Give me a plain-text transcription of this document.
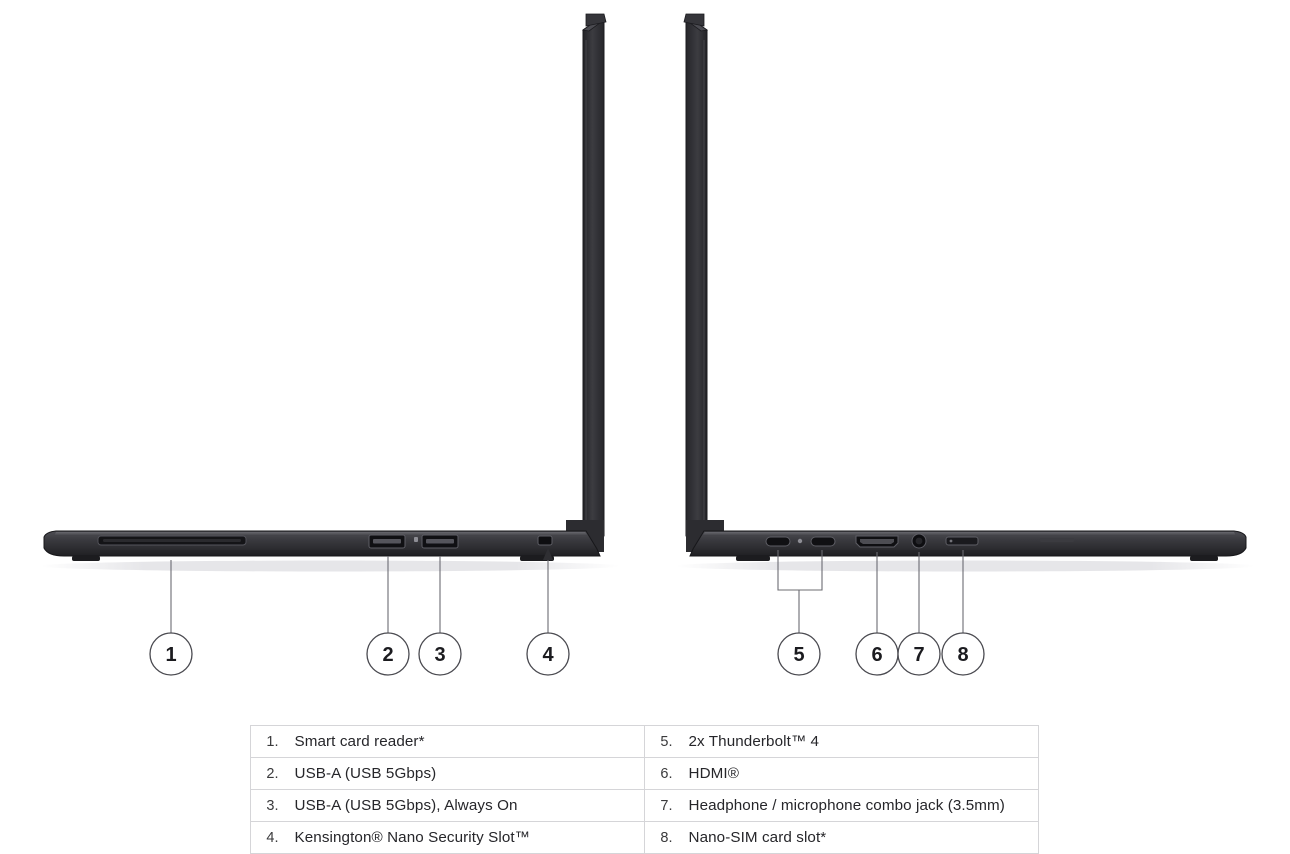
1	2 3	4	5	6 7 8
1.	Smart card reader*	5.	2x Thunderbolt™ 4
2.	USB-A (USB 5Gbps)	6.	HDMI®
3.	USB-A (USB 5Gbps), Always On	7.	Headphone / microphone combo jack (3.5mm)
4.	Kensington® Nano Security Slot™	8.	Nano-SIM card slot*
